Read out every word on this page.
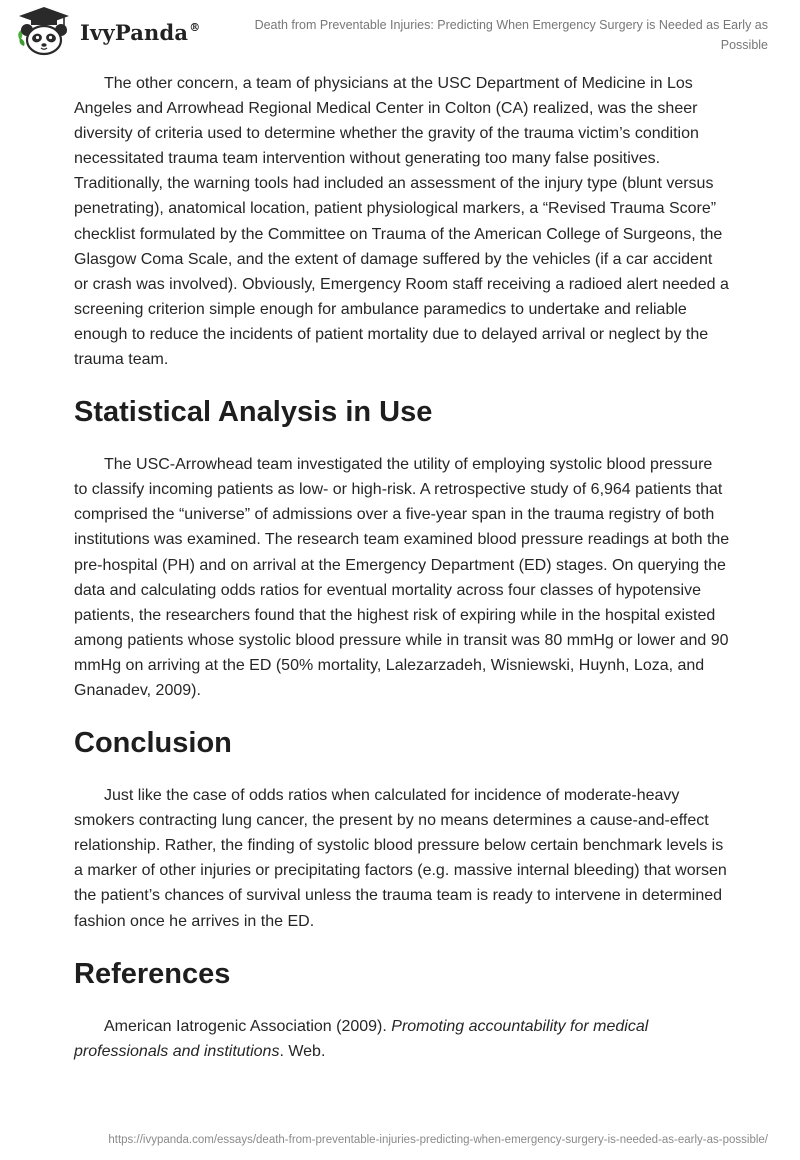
IvyPanda®	Death from Preventable Injuries: Predicting When Emergency Surgery is Needed as Early as Possible

The other concern, a team of physicians at the USC Department of Medicine in Los Angeles and Arrowhead Regional Medical Center in Colton (CA) realized, was the sheer diversity of criteria used to determine whether the gravity of the trauma victim’s condition necessitated trauma team intervention without generating too many false positives. Traditionally, the warning tools had included an assessment of the injury type (blunt versus penetrating), anatomical location, patient physiological markers, a “Revised Trauma Score” checklist formulated by the Committee on Trauma of the American College of Surgeons, the Glasgow Coma Scale, and the extent of damage suffered by the vehicles (if a car accident or crash was involved). Obviously, Emergency Room staff receiving a radioed alert needed a screening criterion simple enough for ambulance paramedics to undertake and reliable enough to reduce the incidents of patient mortality due to delayed arrival or neglect by the trauma team.

Statistical Analysis in Use

The USC-Arrowhead team investigated the utility of employing systolic blood pressure to classify incoming patients as low- or high-risk. A retrospective study of 6,964 patients that comprised the “universe” of admissions over a five-year span in the trauma registry of both institutions was examined. The research team examined blood pressure readings at both the pre-hospital (PH) and on arrival at the Emergency Department (ED) stages. On querying the data and calculating odds ratios for eventual mortality across four classes of hypotensive patients, the researchers found that the highest risk of expiring while in the hospital existed among patients whose systolic blood pressure while in transit was 80 mmHg or lower and 90 mmHg on arriving at the ED (50% mortality, Lalezarzadeh, Wisniewski, Huynh, Loza, and Gnanadev, 2009).

Conclusion

Just like the case of odds ratios when calculated for incidence of moderate-heavy smokers contracting lung cancer, the present by no means determines a cause-and-effect relationship. Rather, the finding of systolic blood pressure below certain benchmark levels is a marker of other injuries or precipitating factors (e.g. massive internal bleeding) that worsen the patient’s chances of survival unless the trauma team is ready to intervene in determined fashion once he arrives in the ED.

References

American Iatrogenic Association (2009). Promoting accountability for medical professionals and institutions. Web.

https://ivypanda.com/essays/death-from-preventable-injuries-predicting-when-emergency-surgery-is-needed-as-early-as-possible/
